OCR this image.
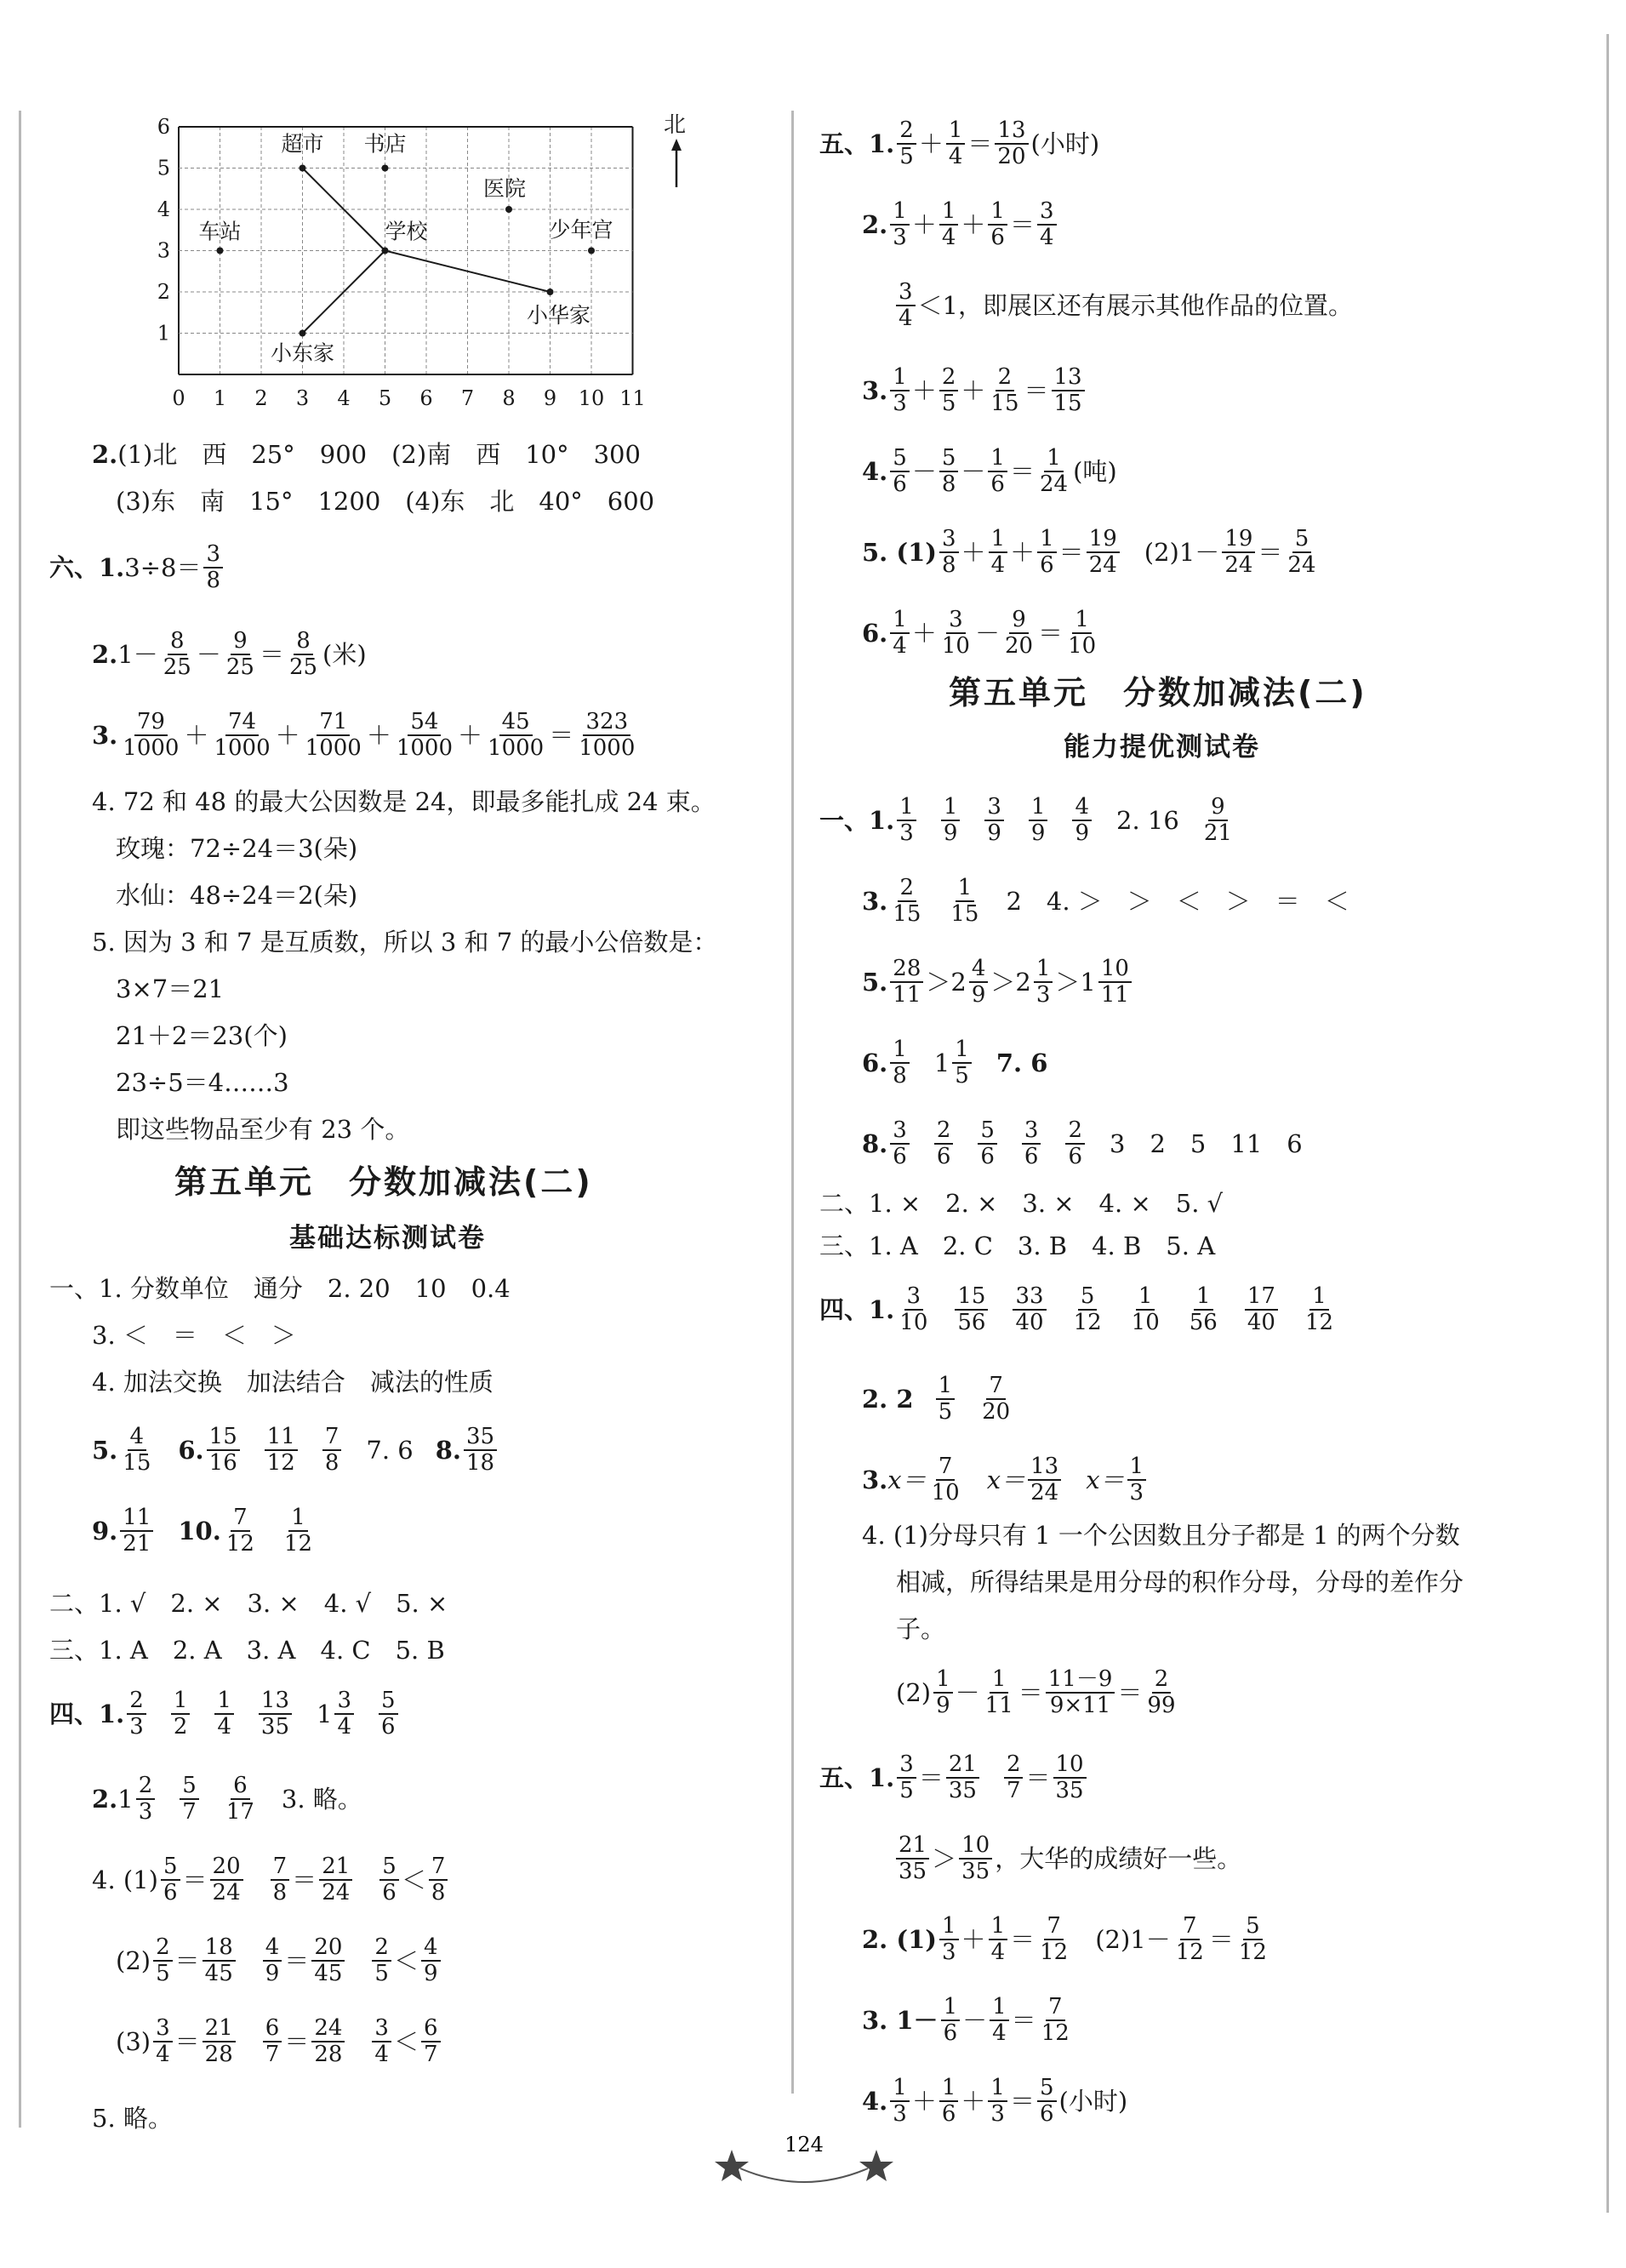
0 1 2 3 4 5 6 7 8 9 10 11
1
2
3
4
5
6
超市 书店
医院
车站	学校	少年宫
小华家
小东家
北
2. (1)北　西　25°　900　(2)南　西　10°　300
(3)东　南　15°　1200　(4)东　北　40°　600
六、1. $3\div 8= \frac{3}{8}$
2. $1- \frac{8}{25} - \frac{9}{25} = \frac{8}{25}$ (米)
3. $\frac{79}{1000} + \frac{74}{1000} + \frac{71}{1000} + \frac{54}{1000} + \frac{45}{1000} = \frac{323}{1000}$
4. 72 和 48 的最大公因数是 24，即最多能扎成 24 束。
玫瑰：72÷24＝3(朵)
水仙：48÷24＝2(朵)
5. 因为 3 和 7 是互质数，所以 3 和 7 的最小公倍数是：
3×7＝21
21＋2＝23(个)
23÷5＝4……3
即这些物品至少有 23 个。
第五单元　分数加减法(二)
基础达标测试卷
一、1. 分数单位　通分　2. 20　10　0.4
3. ＜　＝　＜　＞
4. 加法交换　加法结合　减法的性质
5. $\frac{4}{15} 6$. $\frac{15}{16} \frac{11}{12} \frac{7}{8} 7$. 6 8. $\frac{35}{18}$
9. $\frac{11}{21} 10$. $\frac{7}{12} \frac{1}{12}$
二、1. √　2. ×　3. ×　4. √　5. ×
三、1. A　2. A　3. A　4. C　5. B
四、1. $\frac{2}{3} \frac{1}{2} \frac{1}{4} \frac{13}{35} 1 \frac{3}{4} \frac{5}{6}$
2. $1 \frac{2}{3} \frac{5}{7} \frac{6}{17} 3$. 略。
4. $(1) \frac{5}{6} = \frac{20}{24} \frac{7}{8} = \frac{21}{24} \frac{5}{6} < \frac{7}{8}$
$(2) \frac{2}{5} = \frac{18}{45} \frac{4}{9} = \frac{20}{45} \frac{2}{5} < \frac{4}{9}$
$(3) \frac{3}{4} = \frac{21}{28} \frac{6}{7} = \frac{24}{28} \frac{3}{4} < \frac{6}{7}$
5. 略。
五、1. $\frac{2}{5} + \frac{1}{4} = \frac{13}{20}$ (小时)
2. $\frac{1}{3} + \frac{1}{4} + \frac{1}{6} = \frac{3}{4}$
$\frac{3}{4} <1$，即展区还有展示其他作品的位置。
3. $\frac{1}{3} + \frac{2}{5} + \frac{2}{15} = \frac{13}{15}$
4. $\frac{5}{6} - \frac{5}{8} - \frac{1}{6} = \frac{1}{24}$ (吨)
5. $(1) \frac{3}{8} + \frac{1}{4} + \frac{1}{6} = \frac{19}{24} (2)1- \frac{19}{24} = \frac{5}{24}$
6. $\frac{1}{4} + \frac{3}{10} - \frac{9}{20} = \frac{1}{10}$
第五单元　分数加减法(二)
能力提优测试卷
一、1. $\frac{1}{3} \frac{1}{9} \frac{3}{9} \frac{1}{9} \frac{4}{9} 2$. $16 \frac{9}{21}$
3. $\frac{2}{15} \frac{1}{15} 2$　4. ＞　＞　＜　＞　＝　＜
5. $\frac{28}{11} >2 \frac{4}{9} >2 \frac{1}{3} >1 \frac{10}{11}$
6. $\frac{1}{8} 1 \frac{1}{5} 7$. 6
8. $\frac{3}{6} \frac{2}{6} \frac{5}{6} \frac{3}{6} \frac{2}{6} 3$　2　5　11　6
二、1. ×　2. ×　3. ×　4. ×　5. √
三、1. A　2. C　3. B　4. B　5. A
四、1. $\frac{3}{10} \frac{15}{56} \frac{33}{40} \frac{5}{12} \frac{1}{10} \frac{1}{56} \frac{17}{40} \frac{1}{12}$
2. $2 \frac{1}{5} \frac{7}{20}$
3. $x= \frac{7}{10} x= \frac{13}{24} x= \frac{1}{3}$
4. (1)分母只有 1 一个公因数且分子都是 1 的两个分数
相减，所得结果是用分母的积作分母，分母的差作分
子。
$(2) \frac{1}{9} - \frac{1}{11} = \frac{11-9}{9\times 11} = \frac{2}{99}$
五、1. $\frac{3}{5} = \frac{21}{35} \frac{2}{7} = \frac{10}{35}$
$\frac{21}{35} > \frac{10}{35}$ ，大华的成绩好一些。
2. $(1) \frac{1}{3} + \frac{1}{4} = \frac{7}{12} (2)1- \frac{7}{12} = \frac{5}{12}$
3. $1- \frac{1}{6} - \frac{1}{4} = \frac{7}{12}$
4. $\frac{1}{3} + \frac{1}{6} + \frac{1}{3} = \frac{5}{6}$ (小时)
124
